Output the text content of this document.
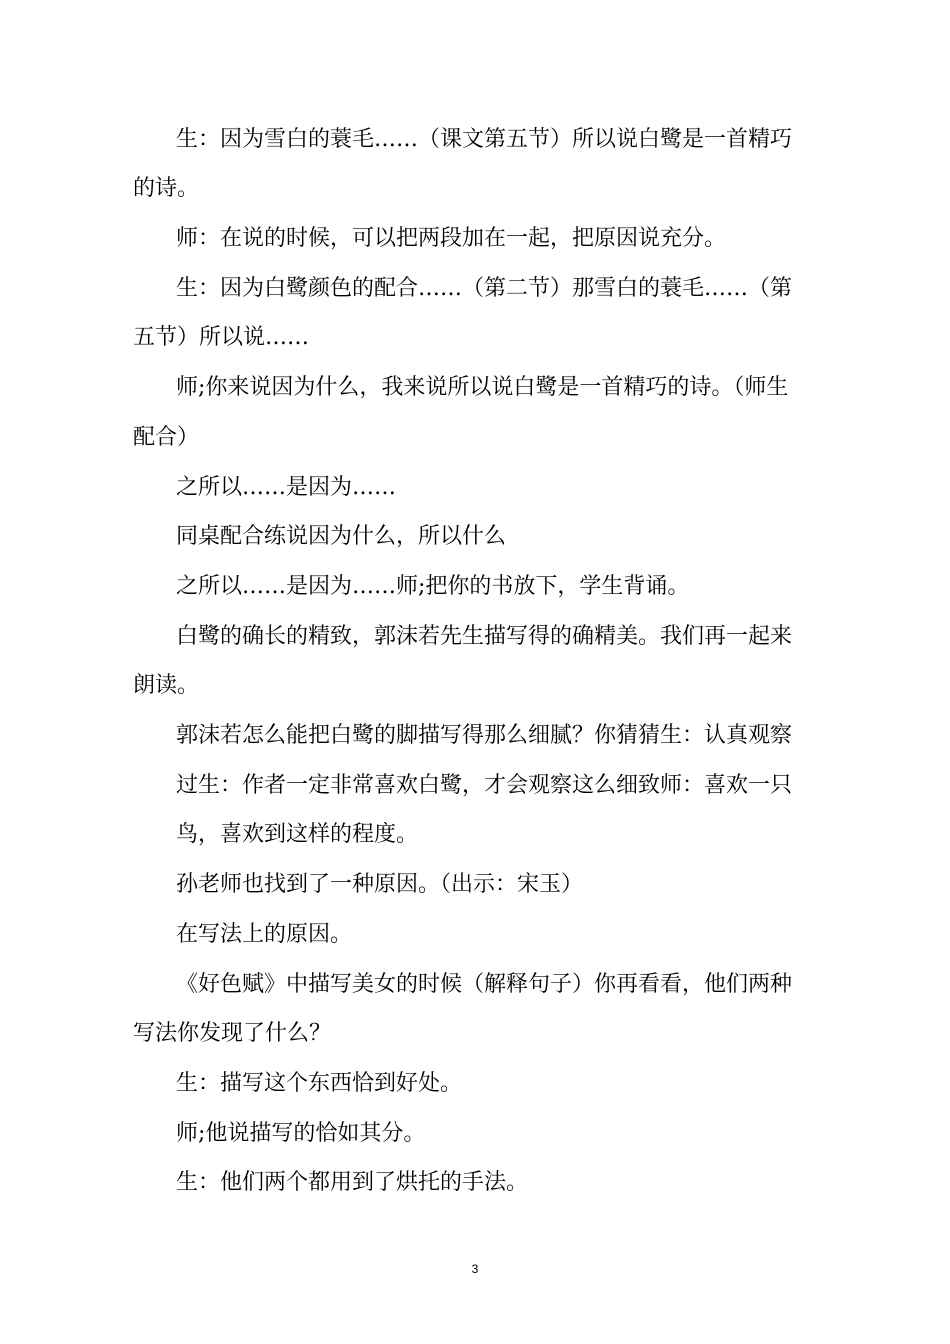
生：因为雪白的蓑毛……（课文第五节）所以说白鹭是一首精巧
的诗。
师：在说的时候，可以把两段加在一起，把原因说充分。
生：因为白鹭颜色的配合……（第二节）那雪白的蓑毛……（第
五节）所以说……
师;你来说因为什么，我来说所以说白鹭是一首精巧的诗。（师生
配合）
之所以……是因为……
同桌配合练说因为什么，所以什么
之所以……是因为……师;把你的书放下，学生背诵。
白鹭的确长的精致，郭沫若先生描写得的确精美。我们再一起来
朗读。
郭沫若怎么能把白鹭的脚描写得那么细腻？你猜猜生：认真观察
过生：作者一定非常喜欢白鹭，才会观察这么细致师：喜欢一只
鸟，喜欢到这样的程度。
孙老师也找到了一种原因。（出示：宋玉）
在写法上的原因。
《好色赋》中描写美女的时候（解释句子）你再看看，他们两种
写法你发现了什么？
生：描写这个东西恰到好处。
师;他说描写的恰如其分。
生：他们两个都用到了烘托的手法。
3
